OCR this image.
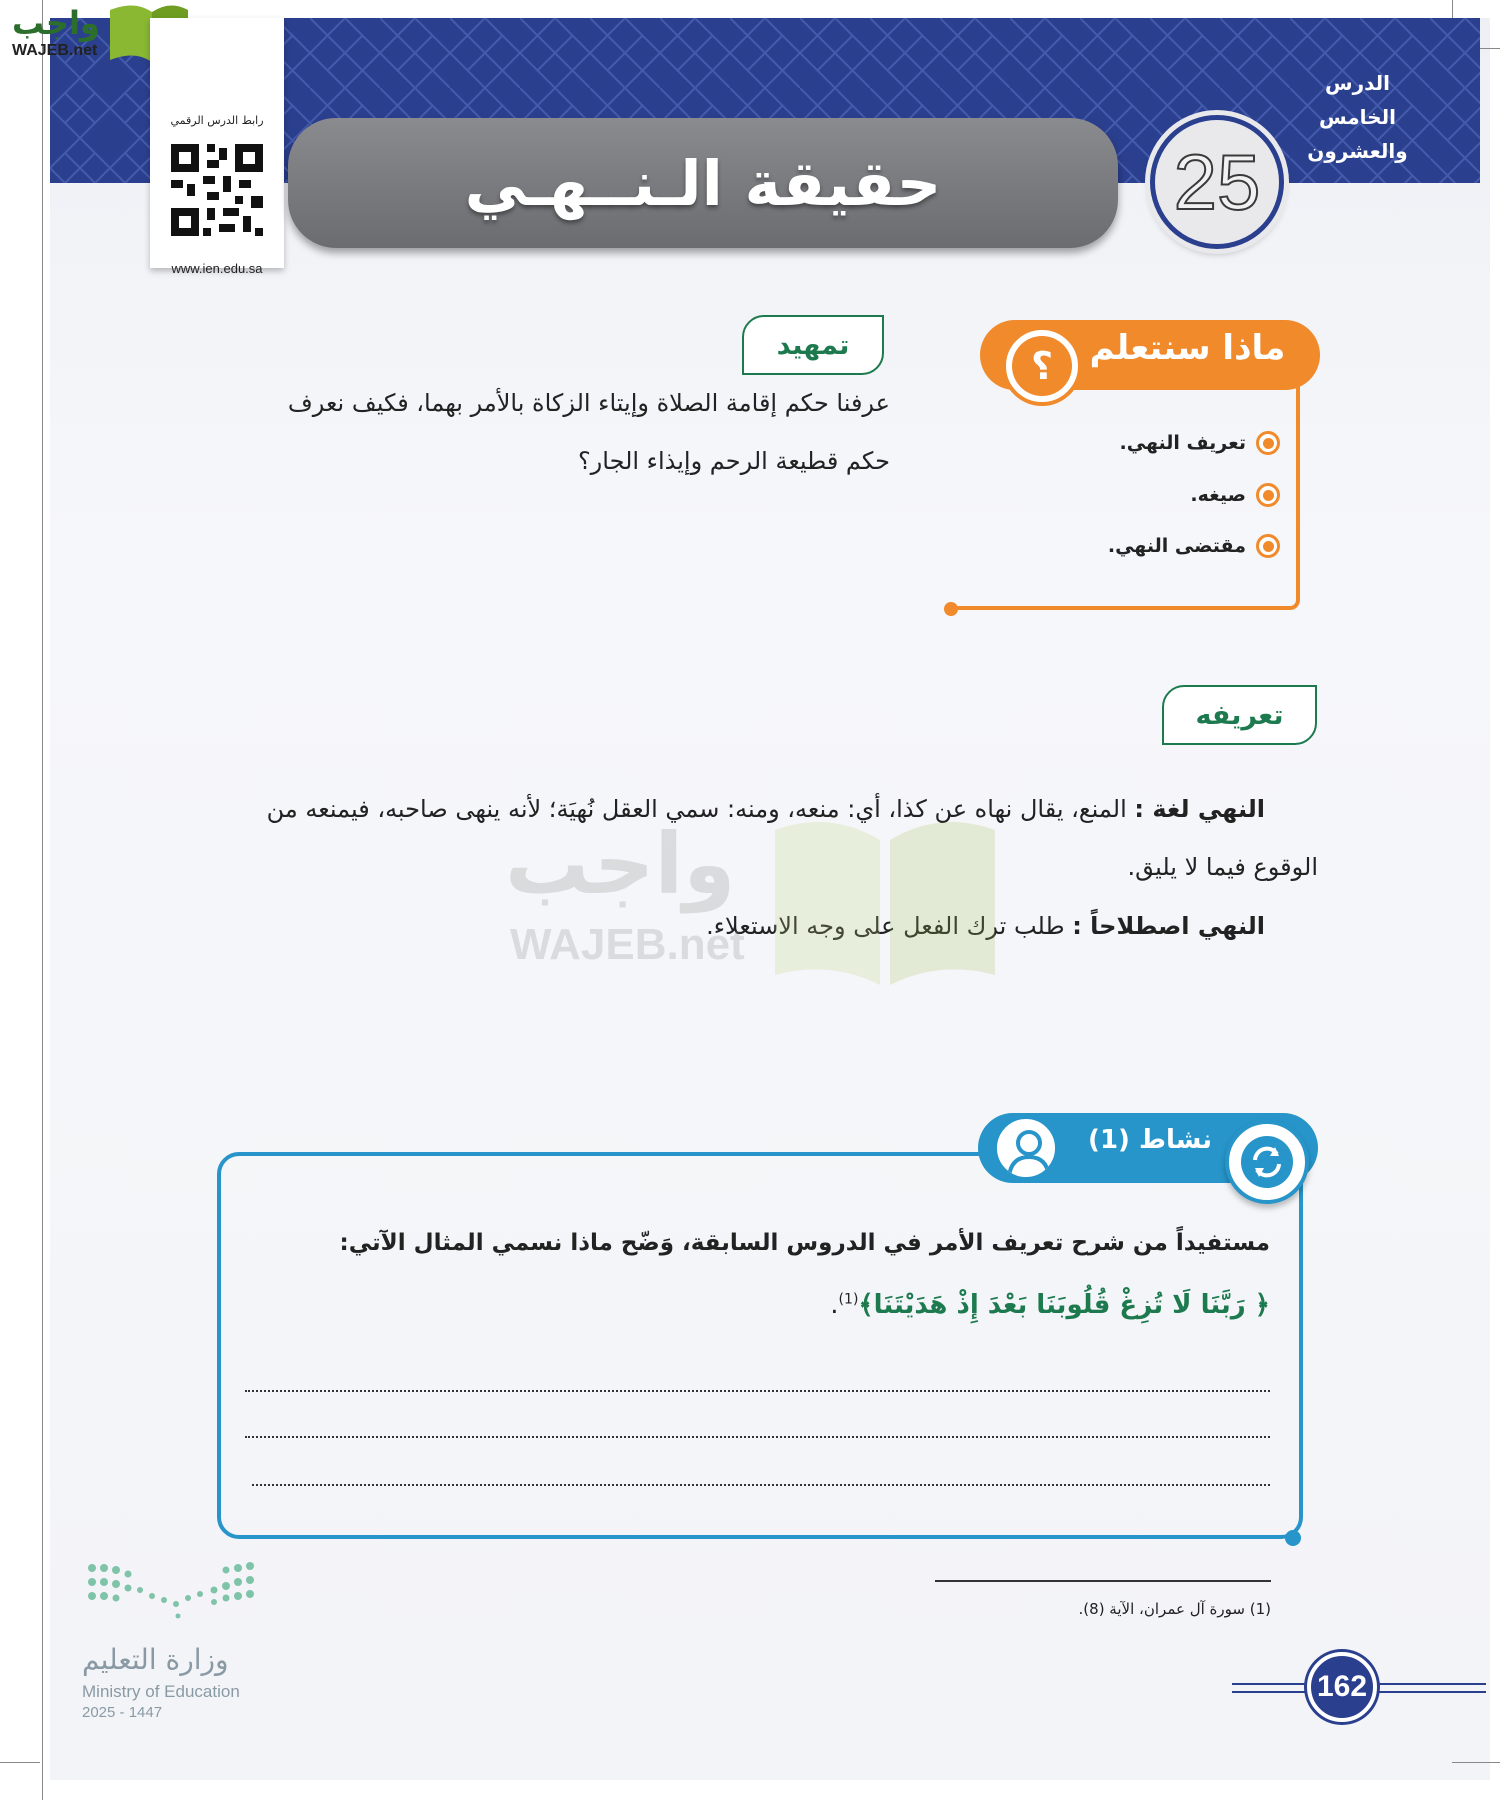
واجب
WAJEB.net
رابط الدرس الرقمي
www.ien.edu.sa
حقيقة الـنــهـي	25
الدرس الخامس والعشرون
ماذا سنتعلم
؟
تعريف النهي.
صيغه.
مقتضى النهي.
تمهيد
عرفنا حكم إقامة الصلاة وإيتاء الزكاة بالأمر بهما، فكيف نعرف
حكم قطيعة الرحم وإيذاء الجار؟
تعريفه
النهي لغة : المنع، يقال نهاه عن كذا، أي: منعه، ومنه: سمي العقل نُهيَة؛ لأنه ينهى صاحبه، فيمنعه من
الوقوع فيما لا يليق.
النهي اصطلاحاً : طلب ترك الفعل على وجه الاستعلاء.
واجب
WAJEB.net
نشاط (1)
مستفيداً من شرح تعريف الأمر في الدروس السابقة، وَضّح ماذا نسمي المثال الآتي:
﴿ رَبَّنَا لَا تُزِغْ قُلُوبَنَا بَعْدَ إِذْ هَدَيْتَنَا﴾$^{(1)}$.
(1) سورة آل عمران، الآية (8).
وزارة التعليم
Ministry of Education
2025 - 1447
162
